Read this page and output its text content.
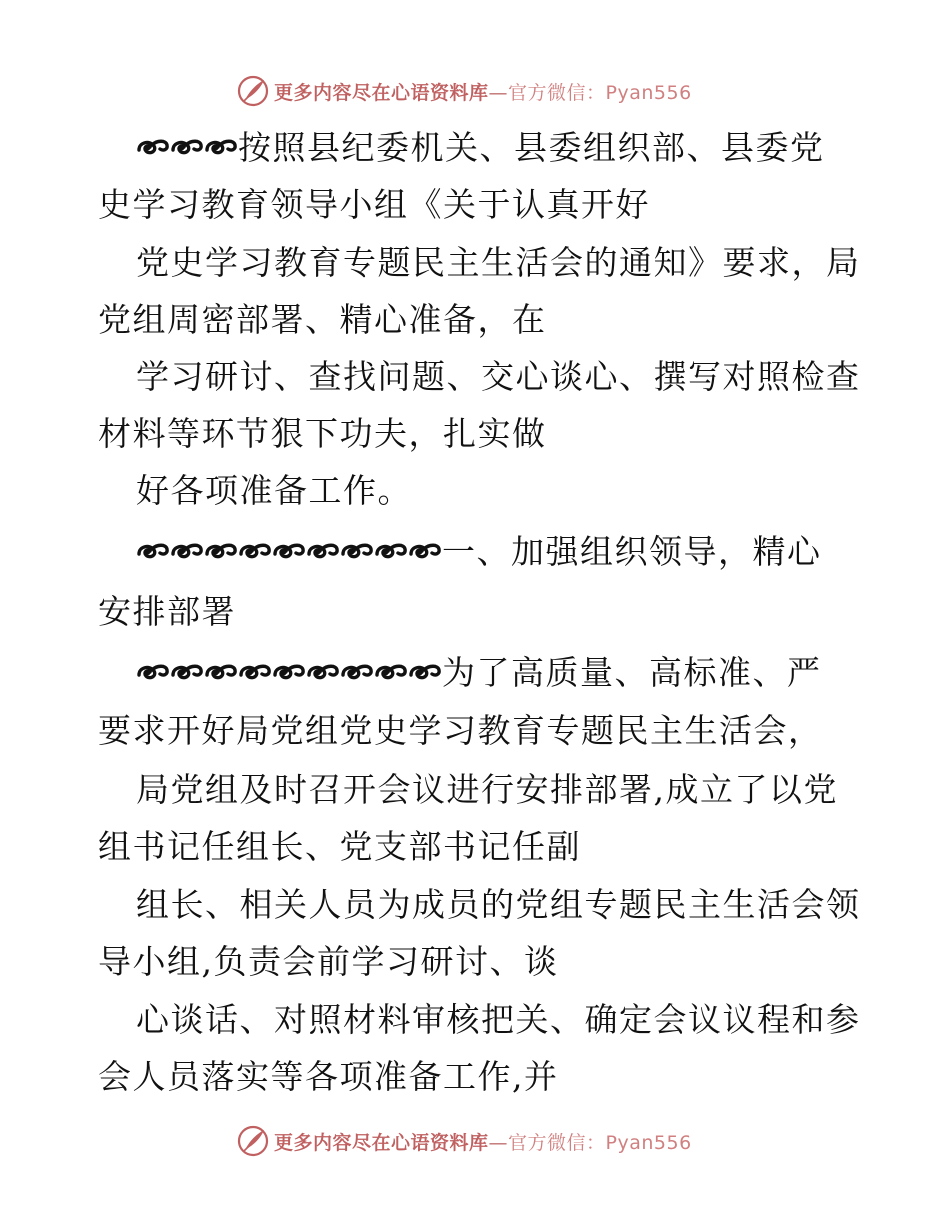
更多内容尽在心语资料库—官方微信：Pyan556
按照县纪委机关、县委组织部、县委党
史学习教育领导小组《关于认真开好
党史学习教育专题民主生活会的通知》要求，局
党组周密部署、精心准备，在
学习研讨、查找问题、交心谈心、撰写对照检查
材料等环节狠下功夫，扎实做
好各项准备工作。
一、加强组织领导，精心
安排部署
为了高质量、高标准、严
要求开好局党组党史学习教育专题民主生活会，
局党组及时召开会议进行安排部署,成立了以党
组书记任组长、党支部书记任副
组长、相关人员为成员的党组专题民主生活会领
导小组,负责会前学习研讨、谈
心谈话、对照材料审核把关、确定会议议程和参
会人员落实等各项准备工作,并
更多内容尽在心语资料库—官方微信：Pyan556
